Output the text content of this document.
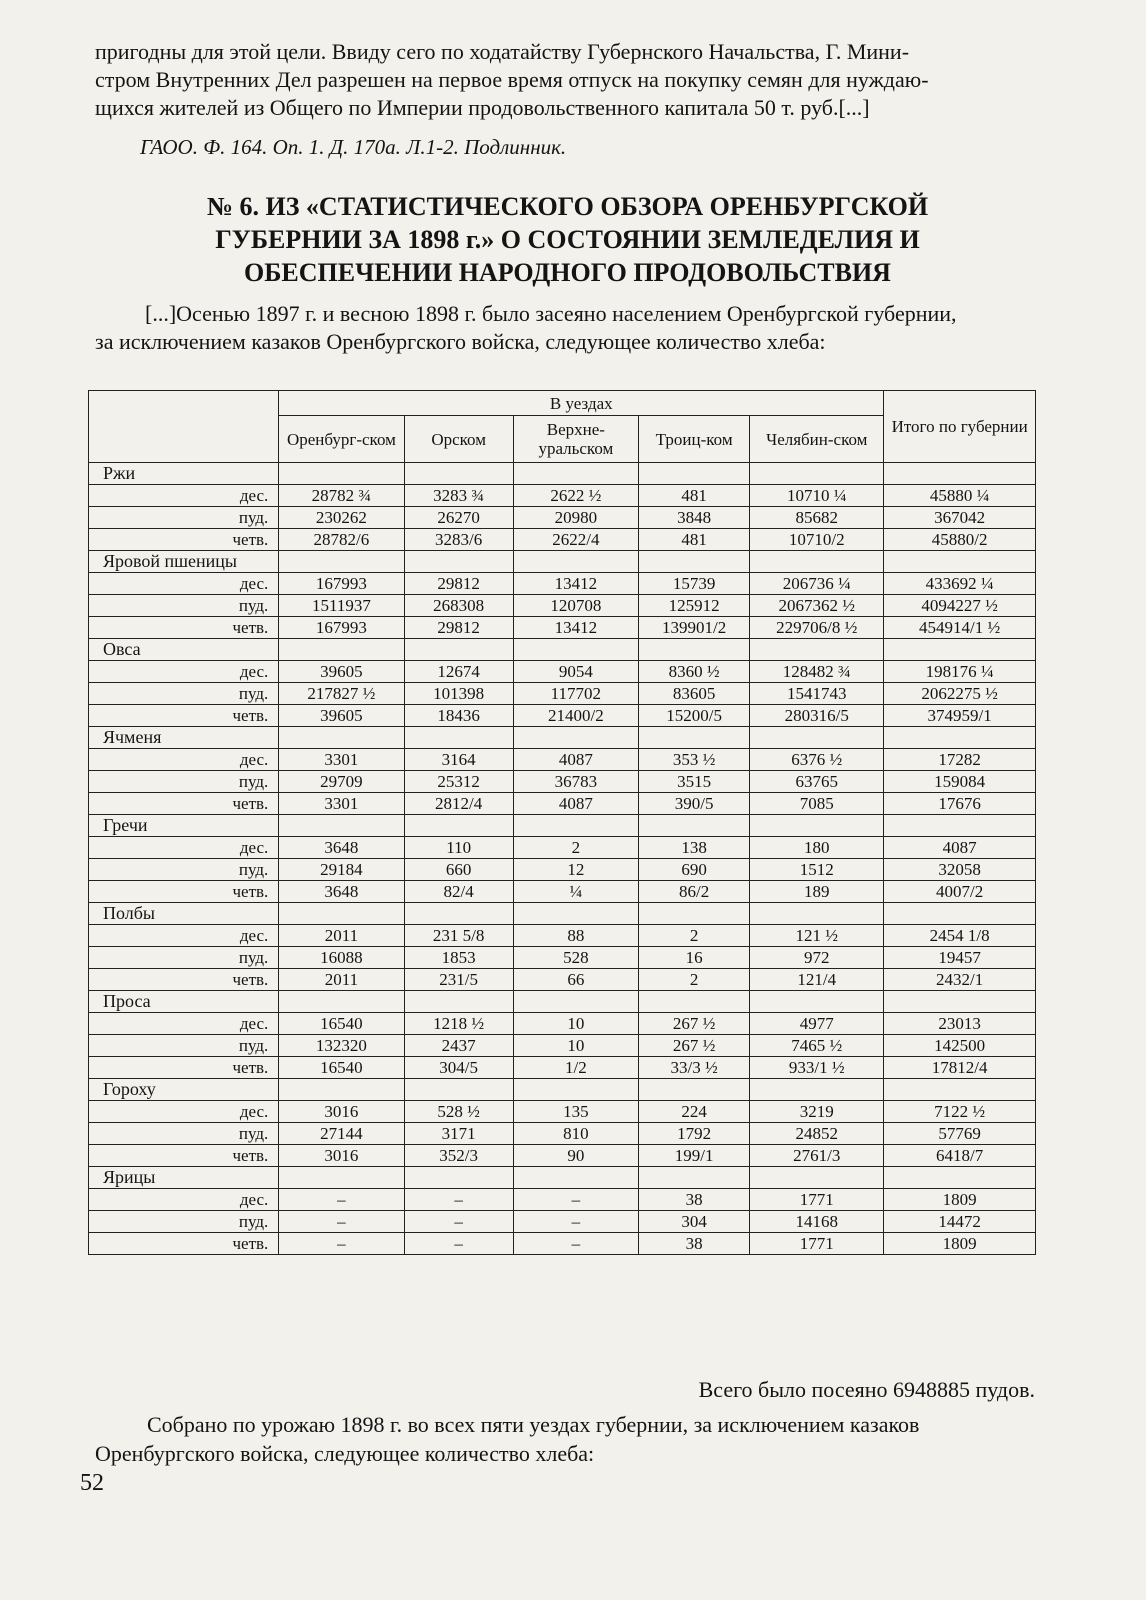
пригодны для этой цели. Ввиду сего по ходатайству Губернского Начальства, Г. Мини-
стром Внутренних Дел разрешен на первое время отпуск на покупку семян для нуждаю-
щихся жителей из Общего по Империи продовольственного капитала 50 т. руб.[...]

ГАОО. Ф. 164. Оп. 1. Д. 170а. Л.1-2. Подлинник.

№ 6. ИЗ «СТАТИСТИЧЕСКОГО ОБЗОРА ОРЕНБУРГСКОЙ
ГУБЕРНИИ ЗА 1898 г.» О СОСТОЯНИИ ЗЕМЛЕДЕЛИЯ И
ОБЕСПЕЧЕНИИ НАРОДНОГО ПРОДОВОЛЬСТВИЯ

[...]Осенью 1897 г. и весною 1898 г. было засеяно населением Оренбургской губернии,
за исключением казаков Оренбургского войска, следующее количество хлеба:

	В уездах					Итого по губернии
	Оренбург-ском	Орском	Верхне-уральском	Троиц-ком	Челябин-ском	
Ржи						
дес.	28782 ¾	3283 ¾	2622 ½	481	10710 ¼	45880 ¼
пуд.	230262	26270	20980	3848	85682	367042
четв.	28782/6	3283/6	2622/4	481	10710/2	45880/2
Яровой пшеницы						
дес.	167993	29812	13412	15739	206736 ¼	433692 ¼
пуд.	1511937	268308	120708	125912	2067362 ½	4094227 ½
четв.	167993	29812	13412	139901/2	229706/8 ½	454914/1 ½
Овса						
дес.	39605	12674	9054	8360 ½	128482 ¾	198176 ¼
пуд.	217827 ½	101398	117702	83605	1541743	2062275 ½
четв.	39605	18436	21400/2	15200/5	280316/5	374959/1
Ячменя						
дес.	3301	3164	4087	353 ½	6376 ½	17282
пуд.	29709	25312	36783	3515	63765	159084
четв.	3301	2812/4	4087	390/5	7085	17676
Гречи						
дес.	3648	110	2	138	180	4087
пуд.	29184	660	12	690	1512	32058
четв.	3648	82/4	¼	86/2	189	4007/2
Полбы						
дес.	2011	231 5/8	88	2	121 ½	2454 1/8
пуд.	16088	1853	528	16	972	19457
четв.	2011	231/5	66	2	121/4	2432/1
Проса						
дес.	16540	1218 ½	10	267 ½	4977	23013
пуд.	132320	2437	10	267 ½	7465 ½	142500
четв.	16540	304/5	1/2	33/3 ½	933/1 ½	17812/4
Гороху						
дес.	3016	528 ½	135	224	3219	7122 ½
пуд.	27144	3171	810	1792	24852	57769
четв.	3016	352/3	90	199/1	2761/3	6418/7
Ярицы						
дес.	–	–	–	38	1771	1809
пуд.	–	–	–	304	14168	14472
четв.	–	–	–	38	1771	1809

Всего было посеяно 6948885 пудов.

Собрано по урожаю 1898 г. во всех пяти уездах губернии, за исключением казаков
Оренбургского войска, следующее количество хлеба:

52
